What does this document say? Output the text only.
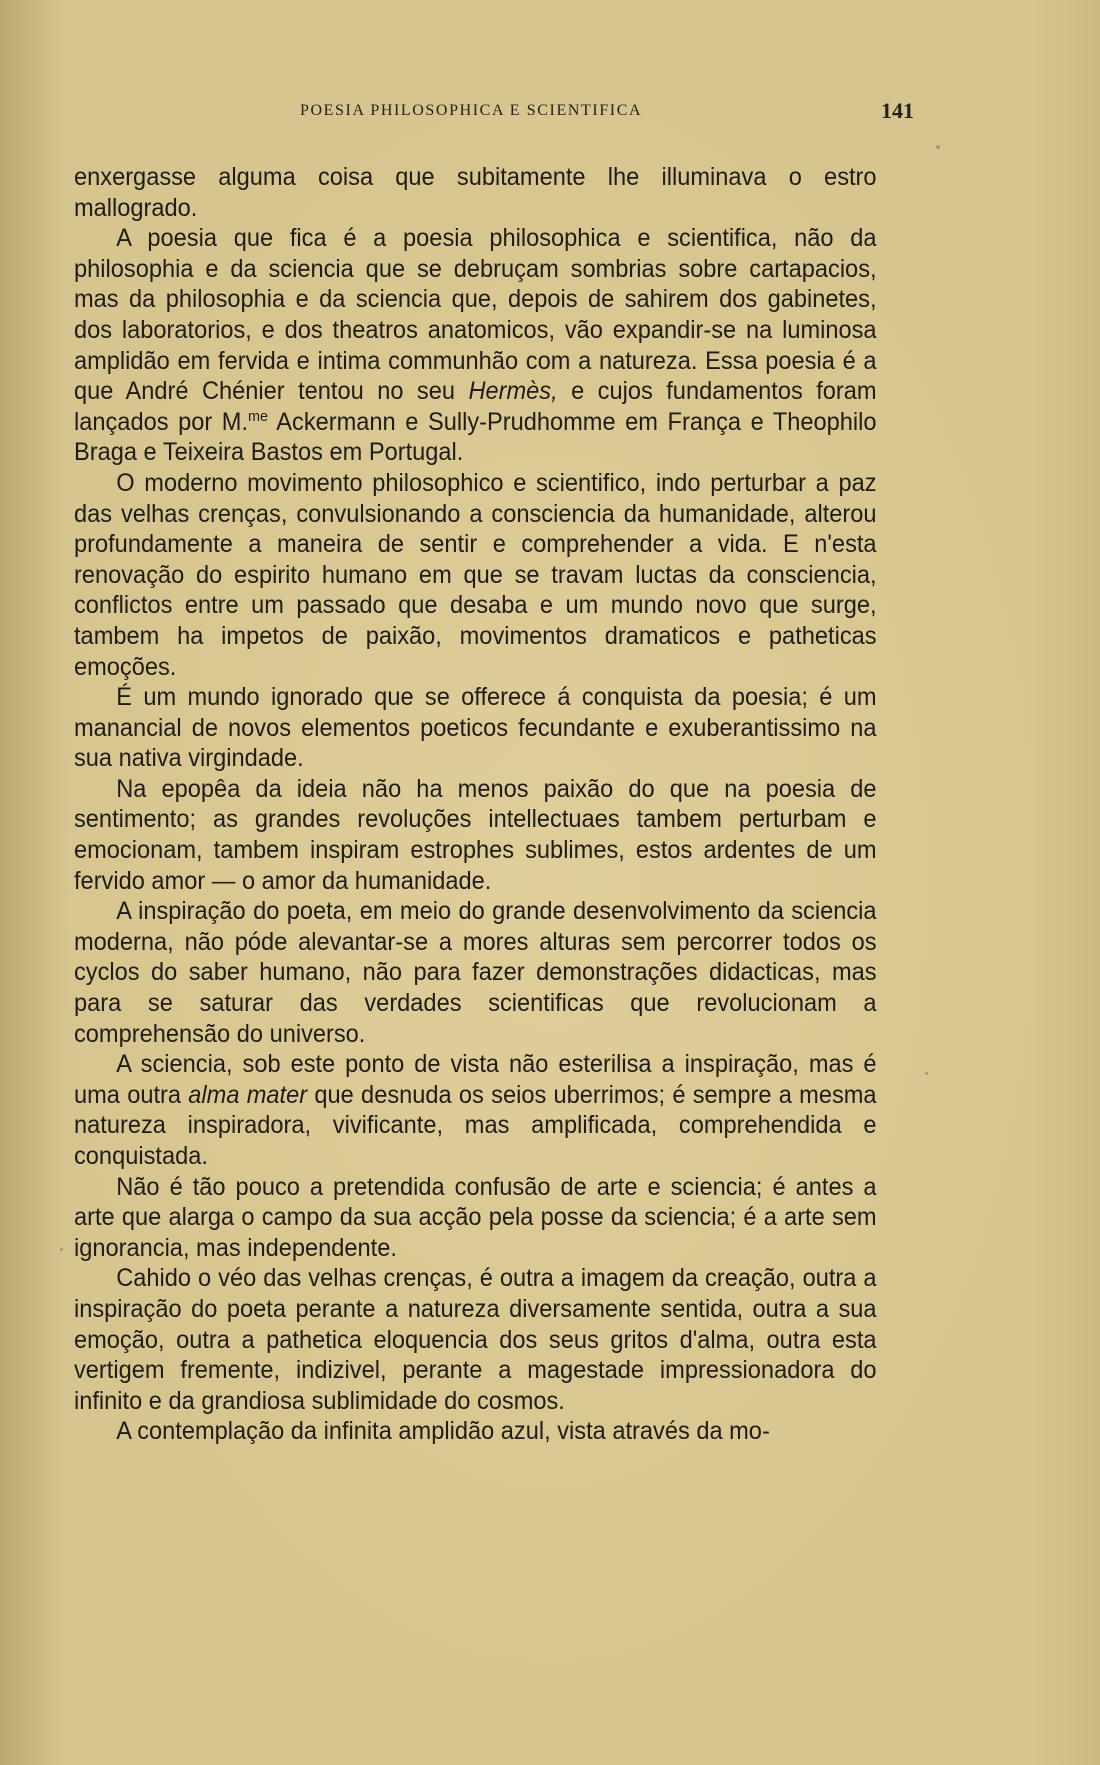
POESIA PHILOSOPHICA E SCIENTIFICA	141

enxergasse alguma coisa que subitamente lhe illuminava o estro mallogrado.

A poesia que fica é a poesia philosophica e scientifica, não da philosophia e da sciencia que se debruçam sombrias sobre cartapacios, mas da philosophia e da sciencia que, depois de sahirem dos gabinetes, dos laboratorios, e dos theatros anatomicos, vão expandir-se na luminosa amplidão em fervida e intima communhão com a natureza. Essa poesia é a que André Chénier tentou no seu Hermès, e cujos fundamentos foram lançados por M.$^{me}$ Ackermann e Sully-Prudhomme em França e Theophilo Braga e Teixeira Bastos em Portugal.

O moderno movimento philosophico e scientifico, indo perturbar a paz das velhas crenças, convulsionando a consciencia da humanidade, alterou profundamente a maneira de sentir e comprehender a vida. E n'esta renovação do espirito humano em que se travam luctas da consciencia, conflictos entre um passado que desaba e um mundo novo que surge, tambem ha impetos de paixão, movimentos dramaticos e patheticas emoções.

É um mundo ignorado que se offerece á conquista da poesia; é um manancial de novos elementos poeticos fecundante e exuberantissimo na sua nativa virgindade.

Na epopêa da ideia não ha menos paixão do que na poesia de sentimento; as grandes revoluções intellectuaes tambem perturbam e emocionam, tambem inspiram estrophes sublimes, estos ardentes de um fervido amor — o amor da humanidade.

A inspiração do poeta, em meio do grande desenvolvimento da sciencia moderna, não póde alevantar-se a mores alturas sem percorrer todos os cyclos do saber humano, não para fazer demonstrações didacticas, mas para se saturar das verdades scientificas que revolucionam a comprehensão do universo.

A sciencia, sob este ponto de vista não esterilisa a inspiração, mas é uma outra alma mater que desnuda os seios uberrimos; é sempre a mesma natureza inspiradora, vivificante, mas amplificada, comprehendida e conquistada.

Não é tão pouco a pretendida confusão de arte e sciencia; é antes a arte que alarga o campo da sua acção pela posse da sciencia; é a arte sem ignorancia, mas independente.

Cahido o véo das velhas crenças, é outra a imagem da creação, outra a inspiração do poeta perante a natureza diversamente sentida, outra a sua emoção, outra a pathetica eloquencia dos seus gritos d'alma, outra esta vertigem fremente, indizivel, perante a magestade impressionadora do infinito e da grandiosa sublimidade do cosmos.

A contemplação da infinita amplidão azul, vista através da mo-
